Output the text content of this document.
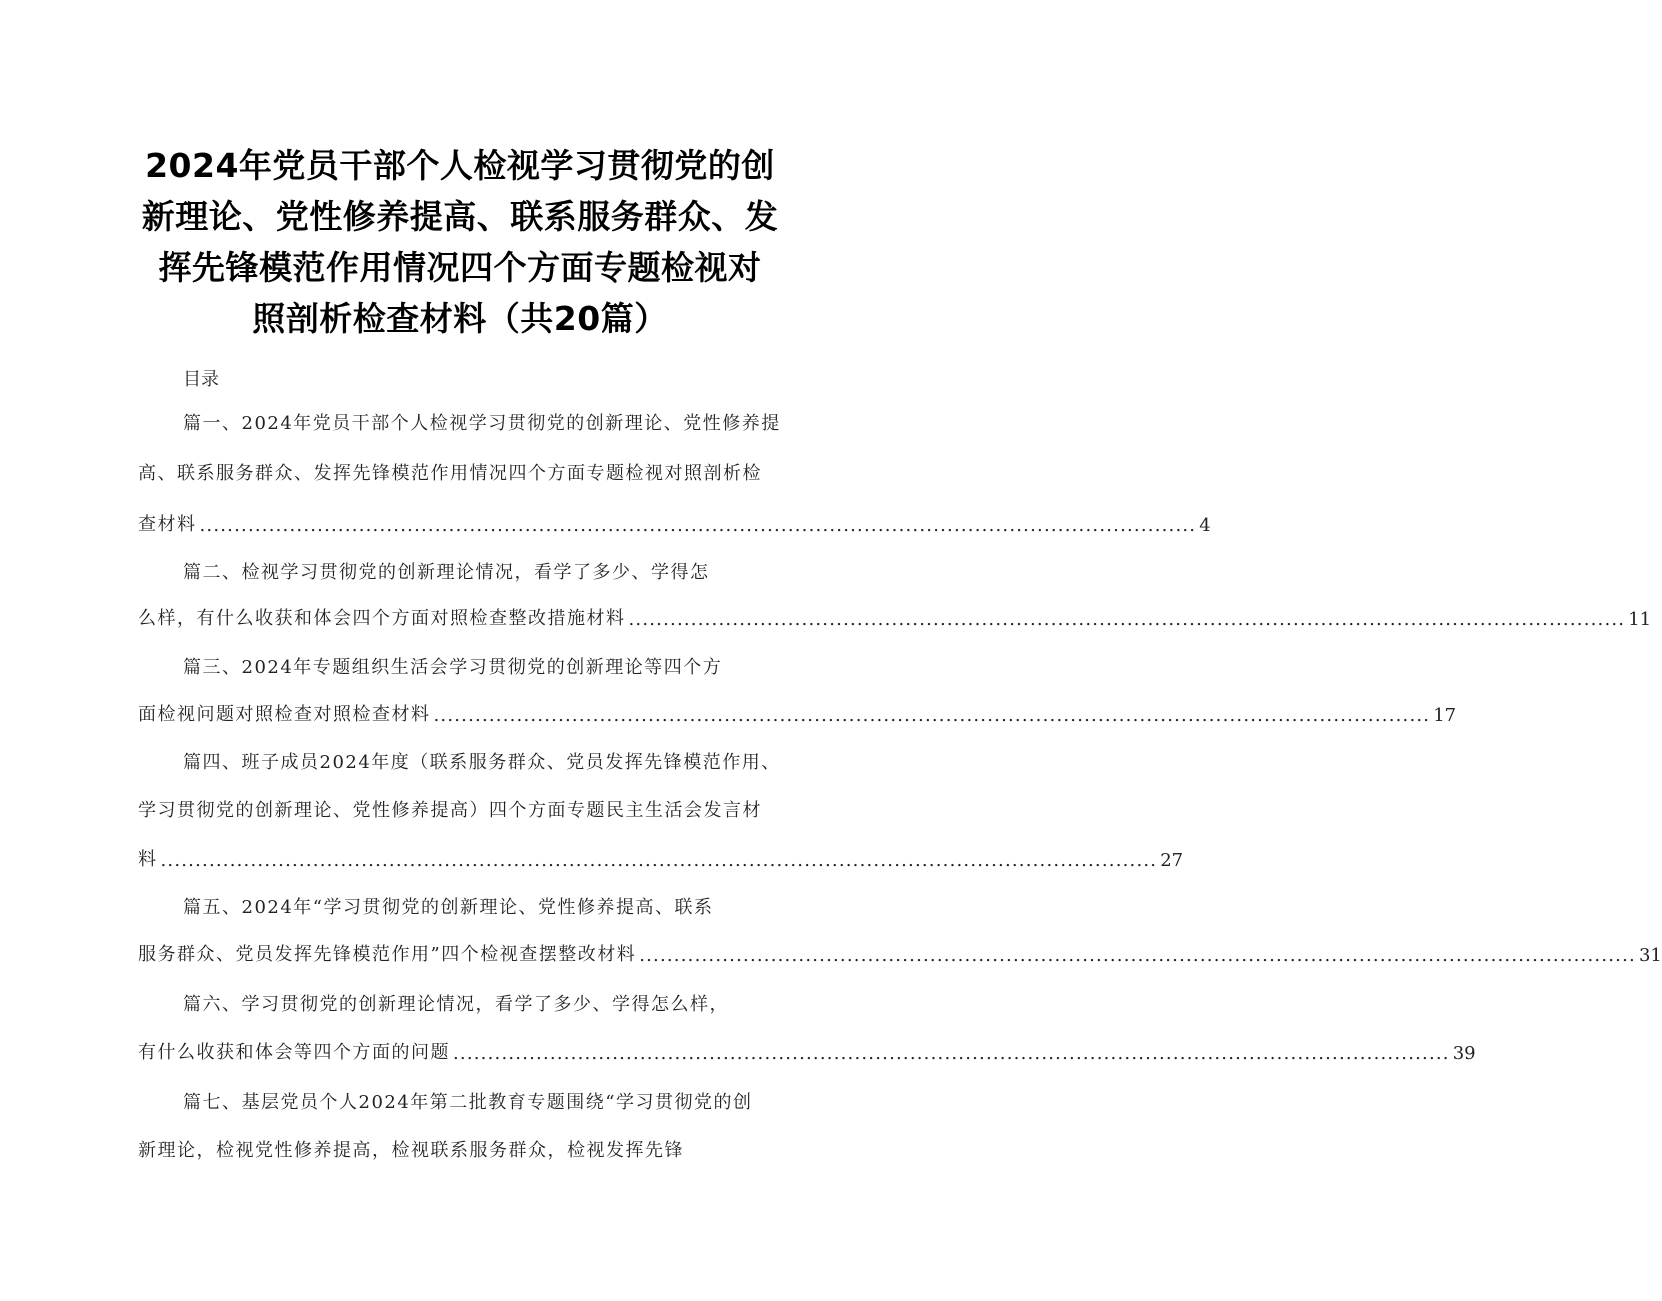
2024年党员干部个人检视学习贯彻党的创
新理论、党性修养提高、联系服务群众、发
挥先锋模范作用情况四个方面专题检视对
照剖析检查材料（共20篇）
目录
篇一、2024年党员干部个人检视学习贯彻党的创新理论、党性修养提
高、联系服务群众、发挥先锋模范作用情况四个方面专题检视对照剖析检
查材料 ................................................................................................................................................ 4
篇二、检视学习贯彻党的创新理论情况，看学了多少、学得怎
么样，有什么收获和体会四个方面对照检查整改措施材料 ................................................................................................................................................ 11
篇三、2024年专题组织生活会学习贯彻党的创新理论等四个方
面检视问题对照检查对照检查材料 ................................................................................................................................................ 17
篇四、班子成员2024年度（联系服务群众、党员发挥先锋模范作用、
学习贯彻党的创新理论、党性修养提高）四个方面专题民主生活会发言材
料 ................................................................................................................................................ 27
篇五、2024年“学习贯彻党的创新理论、党性修养提高、联系
服务群众、党员发挥先锋模范作用”四个检视查摆整改材料 ................................................................................................................................................ 31
篇六、学习贯彻党的创新理论情况，看学了多少、学得怎么样，
有什么收获和体会等四个方面的问题 ................................................................................................................................................ 39
篇七、基层党员个人2024年第二批教育专题围绕“学习贯彻党的创
新理论，检视党性修养提高，检视联系服务群众，检视发挥先锋
